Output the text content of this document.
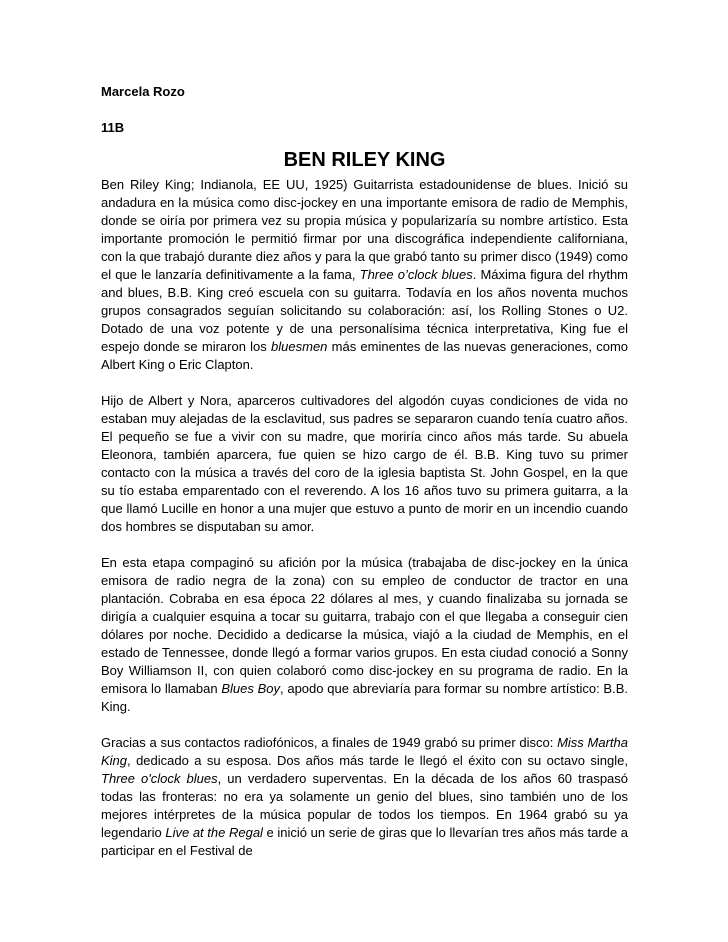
Marcela Rozo

11B

BEN RILEY KING

Ben Riley King; Indianola, EE UU, 1925) Guitarrista estadounidense de blues. Inició su andadura en la música como disc-jockey en una importante emisora de radio de Memphis, donde se oiría por primera vez su propia música y popularizaría su nombre artístico. Esta importante promoción le permitió firmar por una discográfica independiente californiana, con la que trabajó durante diez años y para la que grabó tanto su primer disco (1949) como el que le lanzaría definitivamente a la fama, Three o’clock blues. Máxima figura del rhythm and blues, B.B. King creó escuela con su guitarra. Todavía en los años noventa muchos grupos consagrados seguían solicitando su colaboración: así, los Rolling Stones o U2. Dotado de una voz potente y de una personalísima técnica interpretativa, King fue el espejo donde se miraron los bluesmen más eminentes de las nuevas generaciones, como Albert King o Eric Clapton.

Hijo de Albert y Nora, aparceros cultivadores del algodón cuyas condiciones de vida no estaban muy alejadas de la esclavitud, sus padres se separaron cuando tenía cuatro años. El pequeño se fue a vivir con su madre, que moriría cinco años más tarde. Su abuela Eleonora, también aparcera, fue quien se hizo cargo de él. B.B. King tuvo su primer contacto con la música a través del coro de la iglesia baptista St. John Gospel, en la que su tío estaba emparentado con el reverendo. A los 16 años tuvo su primera guitarra, a la que llamó Lucille en honor a una mujer que estuvo a punto de morir en un incendio cuando dos hombres se disputaban su amor.

En esta etapa compaginó su afición por la música (trabajaba de disc-jockey en la única emisora de radio negra de la zona) con su empleo de conductor de tractor en una plantación. Cobraba en esa época 22 dólares al mes, y cuando finalizaba su jornada se dirigía a cualquier esquina a tocar su guitarra, trabajo con el que llegaba a conseguir cien dólares por noche. Decidido a dedicarse la música, viajó a la ciudad de Memphis, en el estado de Tennessee, donde llegó a formar varios grupos. En esta ciudad conoció a Sonny Boy Williamson II, con quien colaboró como disc-jockey en su programa de radio. En la emisora lo llamaban Blues Boy, apodo que abreviaría para formar su nombre artístico: B.B. King.

Gracias a sus contactos radiofónicos, a finales de 1949 grabó su primer disco: Miss Martha King, dedicado a su esposa. Dos años más tarde le llegó el éxito con su octavo single, Three o'clock blues, un verdadero superventas. En la década de los años 60 traspasó todas las fronteras: no era ya solamente un genio del blues, sino también uno de los mejores intérpretes de la música popular de todos los tiempos. En 1964 grabó su ya legendario Live at the Regal e inició un serie de giras que lo llevarían tres años más tarde a participar en el Festival de
